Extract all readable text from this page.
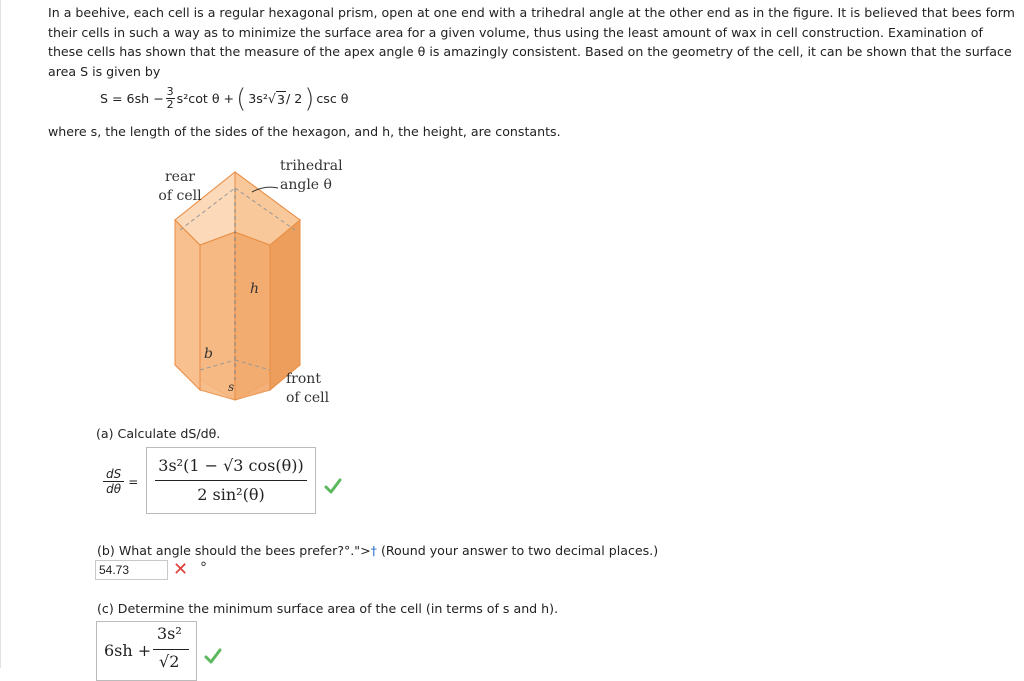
In a beehive, each cell is a regular hexagonal prism, open at one end with a trihedral angle at the other end as in the figure. It is believed that bees form their cells in such a way as to minimize the surface area for a given volume, thus using the least amount of wax in cell construction. Examination of these cells has shown that the measure of the apex angle θ is amazingly consistent. Based on the geometry of the cell, it can be shown that the surface area S is given by
$S = 6sh - \frac{3}{2} s^2\cot$ θ + ( 3s² √ 3 / 2 ) csc θ
where s, the length of the sides of the hexagon, and h, the height, are constants.
rear
of cell
trihedral
angle θ
front
of cell
h
b
s
(a) Calculate dS/dθ.
$\frac{dS}{d\theta}$ =
3s²(1 − √3 cos(θ))
2 sin²(θ)
(b) What angle should the bees prefer?°.">† (Round your answer to two decimal places.)
54.73
✕ °
(c) Determine the minimum surface area of the cell (in terms of s and h).
6sh +
3s²
√2
